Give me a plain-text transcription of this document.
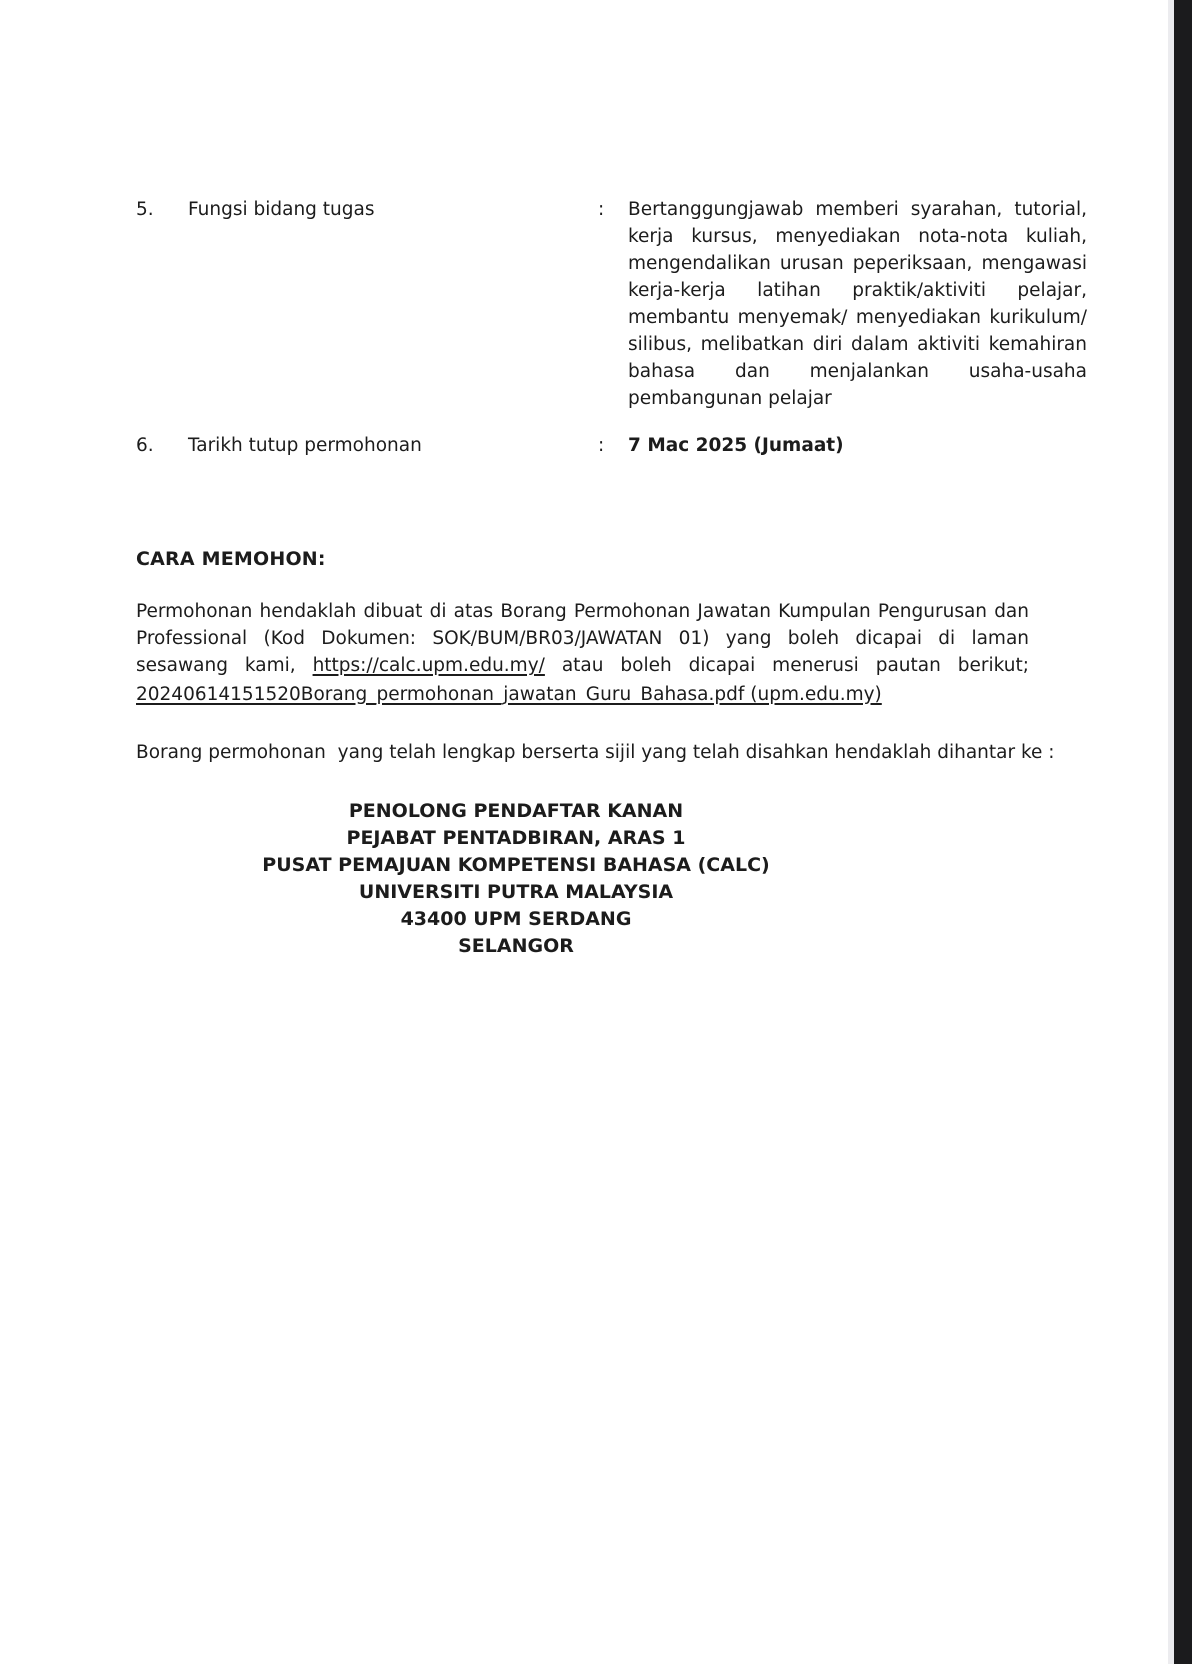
5. Fungsi bidang tugas	: Bertanggungjawab memberi syarahan, tutorial, kerja kursus, menyediakan nota-nota kuliah, mengendalikan urusan peperiksaan, mengawasi kerja-kerja latihan praktik/aktiviti pelajar, membantu menyemak/ menyediakan kurikulum/ silibus, melibatkan diri dalam aktiviti kemahiran bahasa dan menjalankan usaha-usaha
pembangunan pelajar
6. Tarikh tutup permohonan	: 7 Mac 2025 (Jumaat)
CARA MEMOHON:
Permohonan hendaklah dibuat di atas Borang Permohonan Jawatan Kumpulan Pengurusan dan Professional (Kod Dokumen: SOK/BUM/BR03/JAWATAN 01) yang boleh dicapai di laman sesawang kami, https://calc.upm.edu.my/ atau boleh dicapai menerusi pautan berikut;
20240614151520Borang_permohonan_jawatan_Guru_Bahasa.pdf (upm.edu.my)
Borang permohonan  yang telah lengkap berserta sijil yang telah disahkan hendaklah dihantar ke :
PENOLONG PENDAFTAR KANAN
PEJABAT PENTADBIRAN, ARAS 1
PUSAT PEMAJUAN KOMPETENSI BAHASA (CALC)
UNIVERSITI PUTRA MALAYSIA
43400 UPM SERDANG
SELANGOR
